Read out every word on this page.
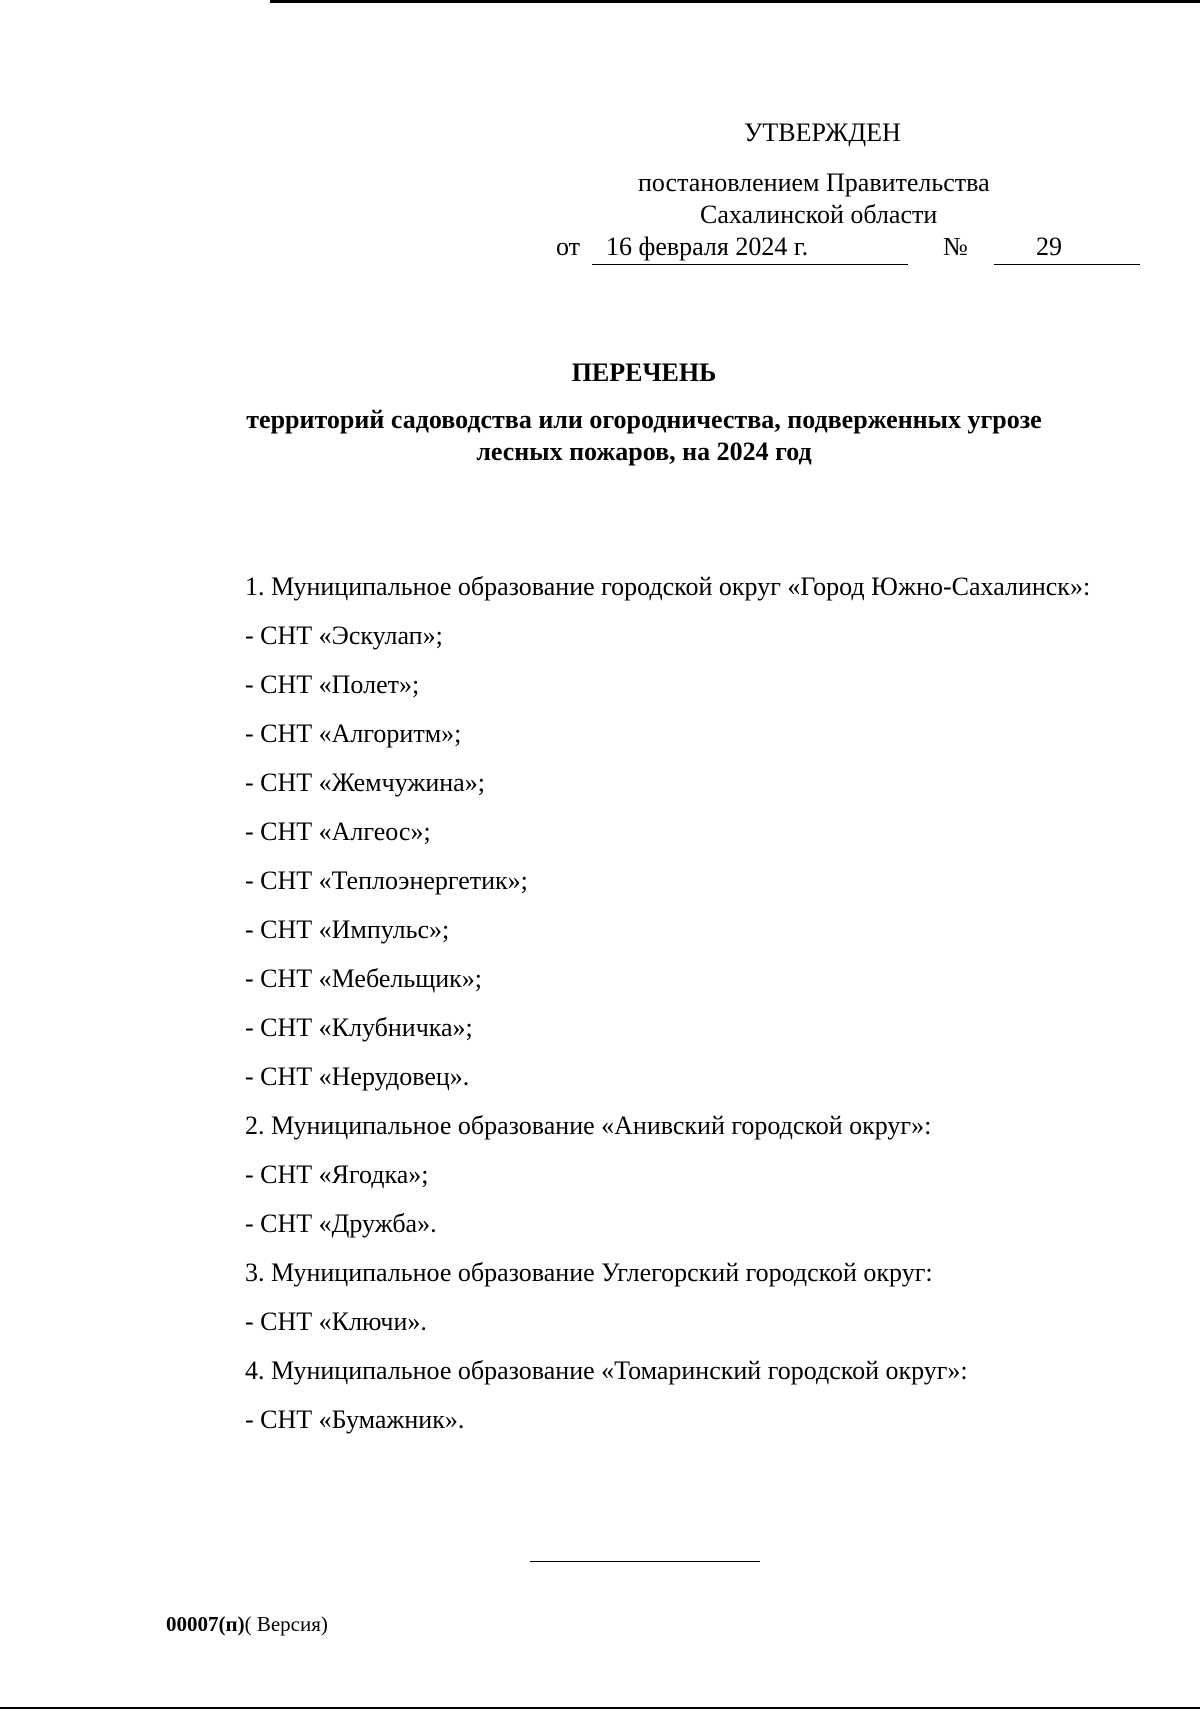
УТВЕРЖДЕН
постановлением Правительства
Сахалинской области
от 16 февраля 2024 г.	№	29
ПЕРЕЧЕНЬ
территорий садоводства или огородничества, подверженных угрозе
лесных пожаров, на 2024 год

1. Муниципальное образование городской округ «Город Южно-Сахалинск»:

- СНТ «Эскулап»;

- СНТ «Полет»;

- СНТ «Алгоритм»;

- СНТ «Жемчужина»;

- СНТ «Алгеос»;

- СНТ «Теплоэнергетик»;

- СНТ «Импульс»;

- СНТ «Мебельщик»;

- СНТ «Клубничка»;

- СНТ «Нерудовец».

2. Муниципальное образование «Анивский городской округ»:

- СНТ «Ягодка»;

- СНТ «Дружба».

3. Муниципальное образование Углегорский городской округ:

- СНТ «Ключи».

4. Муниципальное образование «Томаринский городской округ»:

- СНТ «Бумажник».

00007(п)( Версия)
